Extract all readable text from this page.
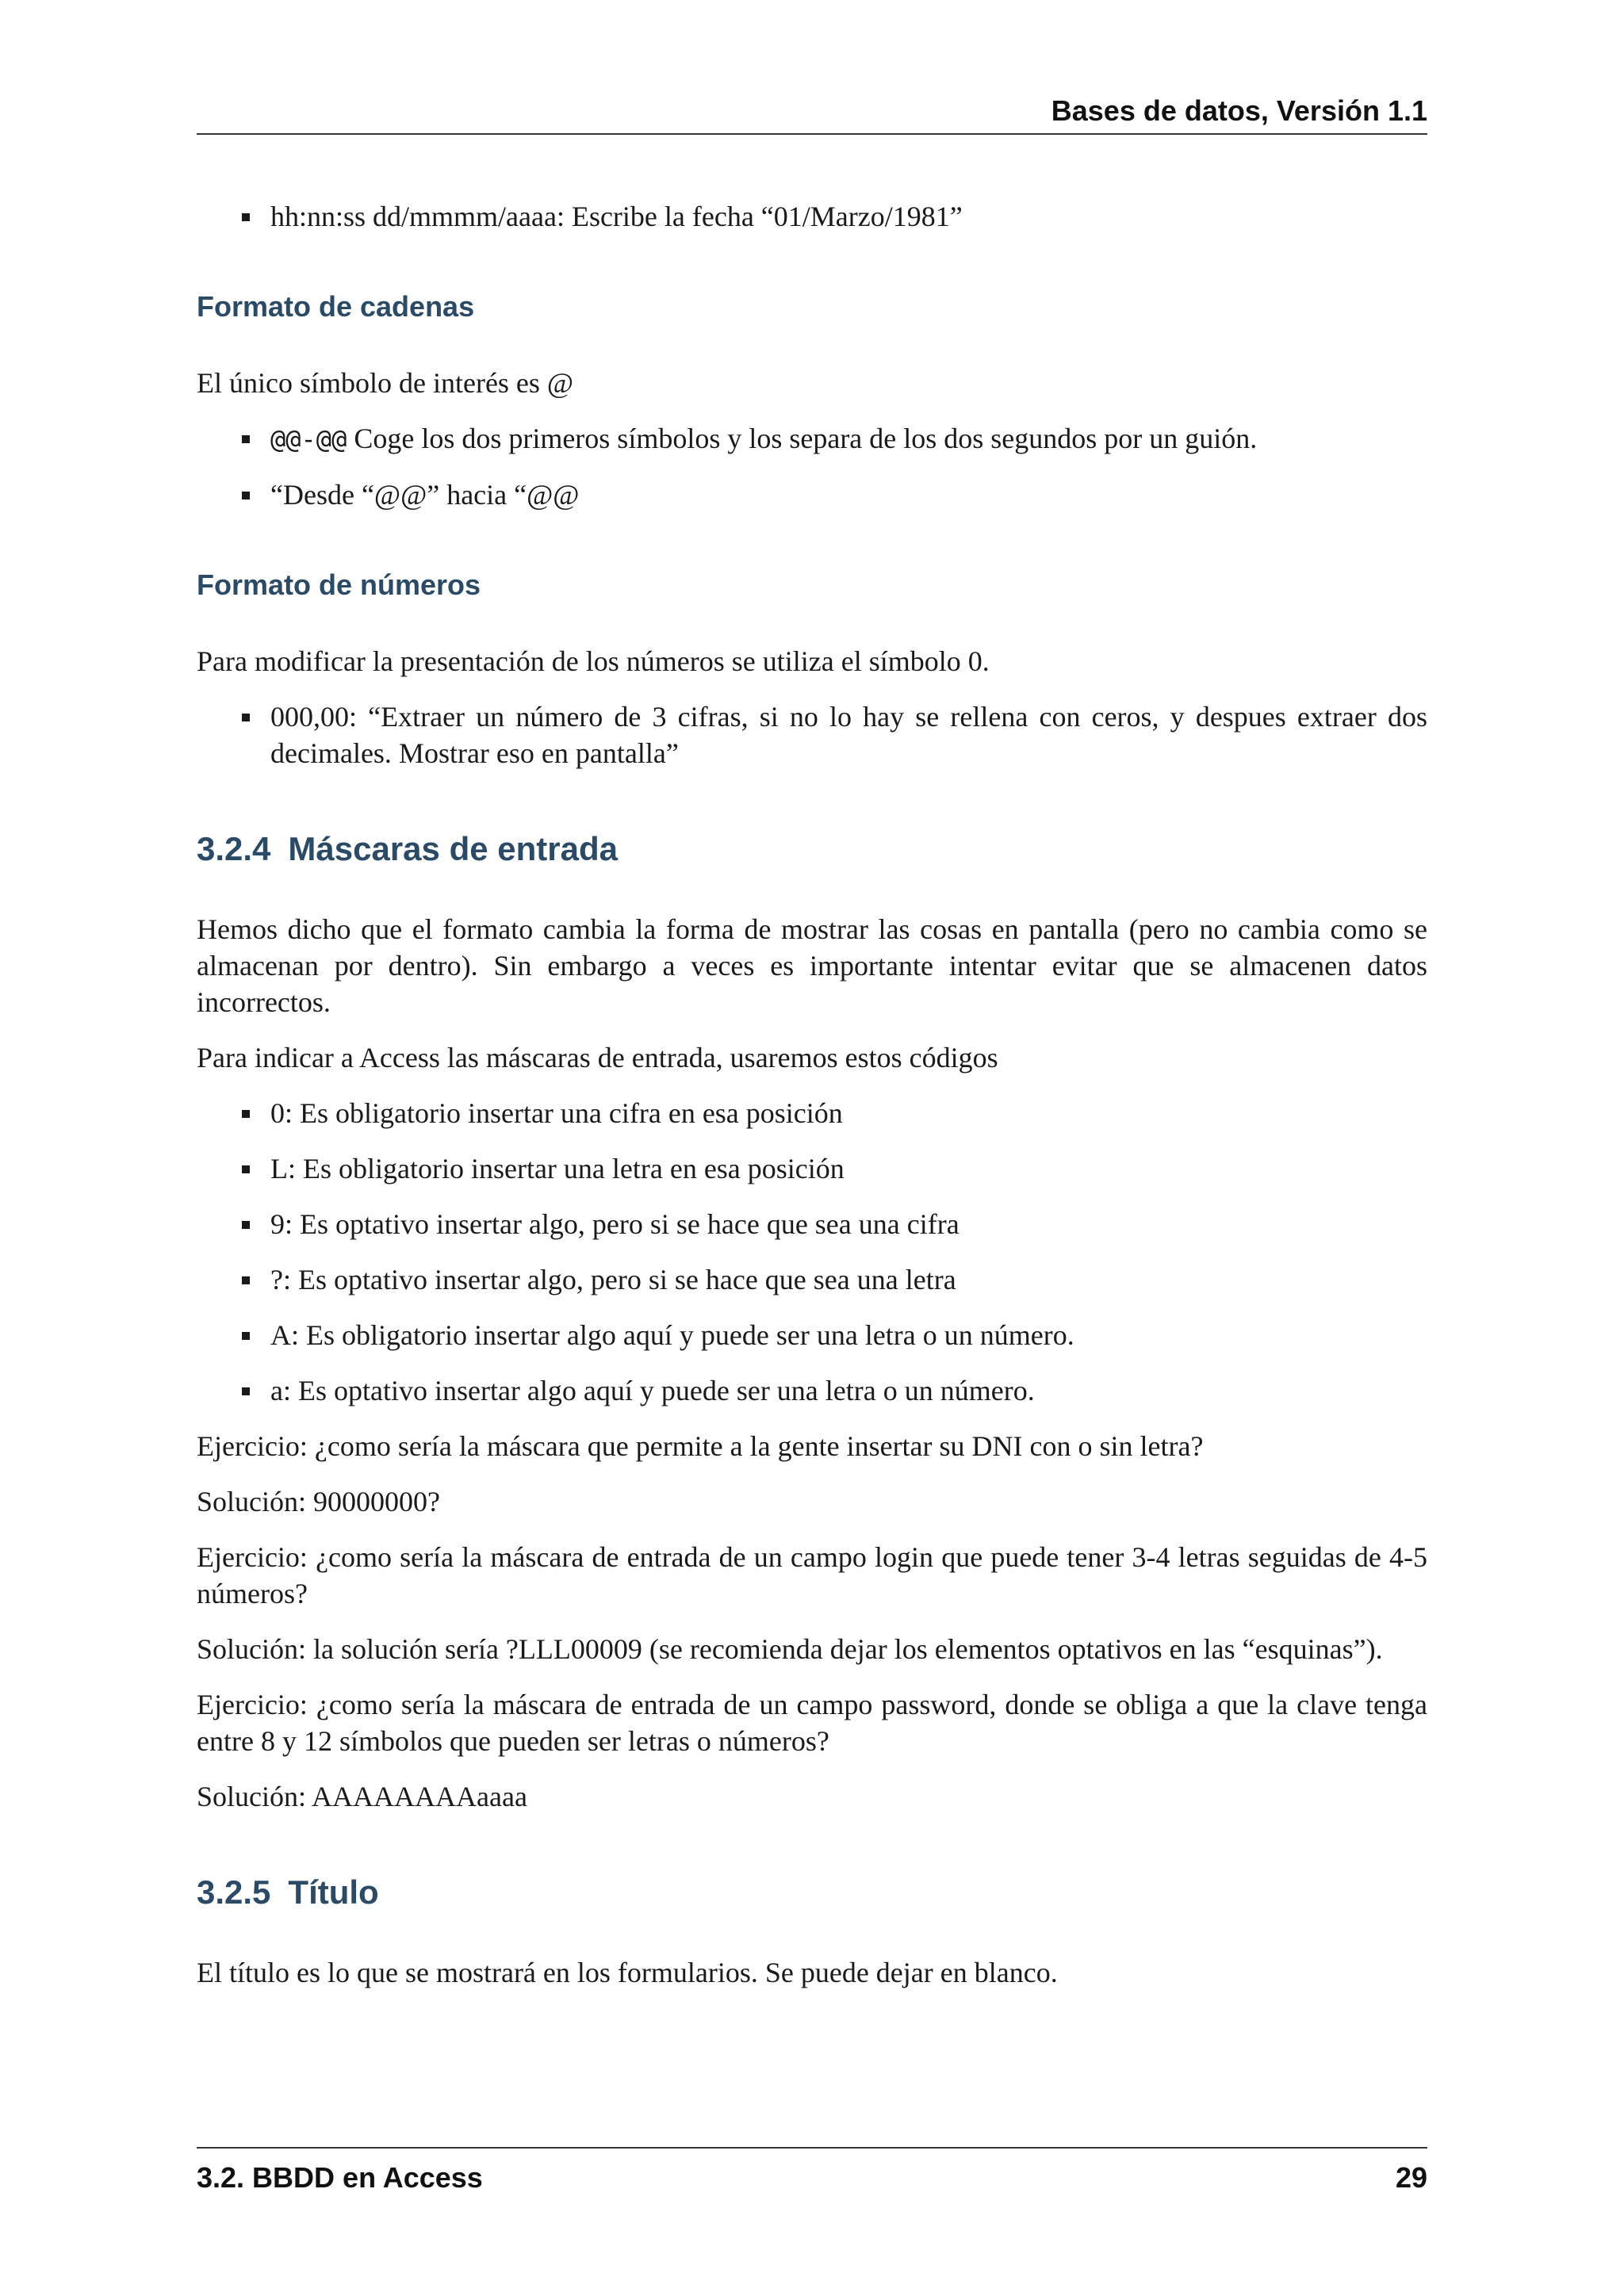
Bases de datos, Versión 1.1
hh:nn:ss dd/mmmm/aaaa: Escribe la fecha “01/Marzo/1981”
Formato de cadenas

El único símbolo de interés es @

@@-@@ Coge los dos primeros símbolos y los separa de los dos segundos por un guión.
“Desde “@@” hacia “@@
Formato de números

Para modificar la presentación de los números se utiliza el símbolo 0.

000,00: “Extraer un número de 3 cifras, si no lo hay se rellena con ceros, y despues extraer dos decimales. Mostrar eso en pantalla”
3.2.4 Máscaras de entrada

Hemos dicho que el formato cambia la forma de mostrar las cosas en pantalla (pero no cambia como se almacenan por dentro). Sin embargo a veces es importante intentar evitar que se almacenen datos incorrectos.

Para indicar a Access las máscaras de entrada, usaremos estos códigos

0: Es obligatorio insertar una cifra en esa posición
L: Es obligatorio insertar una letra en esa posición
9: Es optativo insertar algo, pero si se hace que sea una cifra
?: Es optativo insertar algo, pero si se hace que sea una letra
A: Es obligatorio insertar algo aquí y puede ser una letra o un número.
a: Es optativo insertar algo aquí y puede ser una letra o un número.

Ejercicio: ¿como sería la máscara que permite a la gente insertar su DNI con o sin letra?

Solución: 90000000?

Ejercicio: ¿como sería la máscara de entrada de un campo login que puede tener 3-4 letras seguidas de 4-5 números?

Solución: la solución sería ?LLL00009 (se recomienda dejar los elementos optativos en las “esquinas”).

Ejercicio: ¿como sería la máscara de entrada de un campo password, donde se obliga a que la clave tenga entre 8 y 12 símbolos que pueden ser letras o números?

Solución: AAAAAAAAaaaa

3.2.5 Título

El título es lo que se mostrará en los formularios. Se puede dejar en blanco.

3.2. BBDD en Access	29
